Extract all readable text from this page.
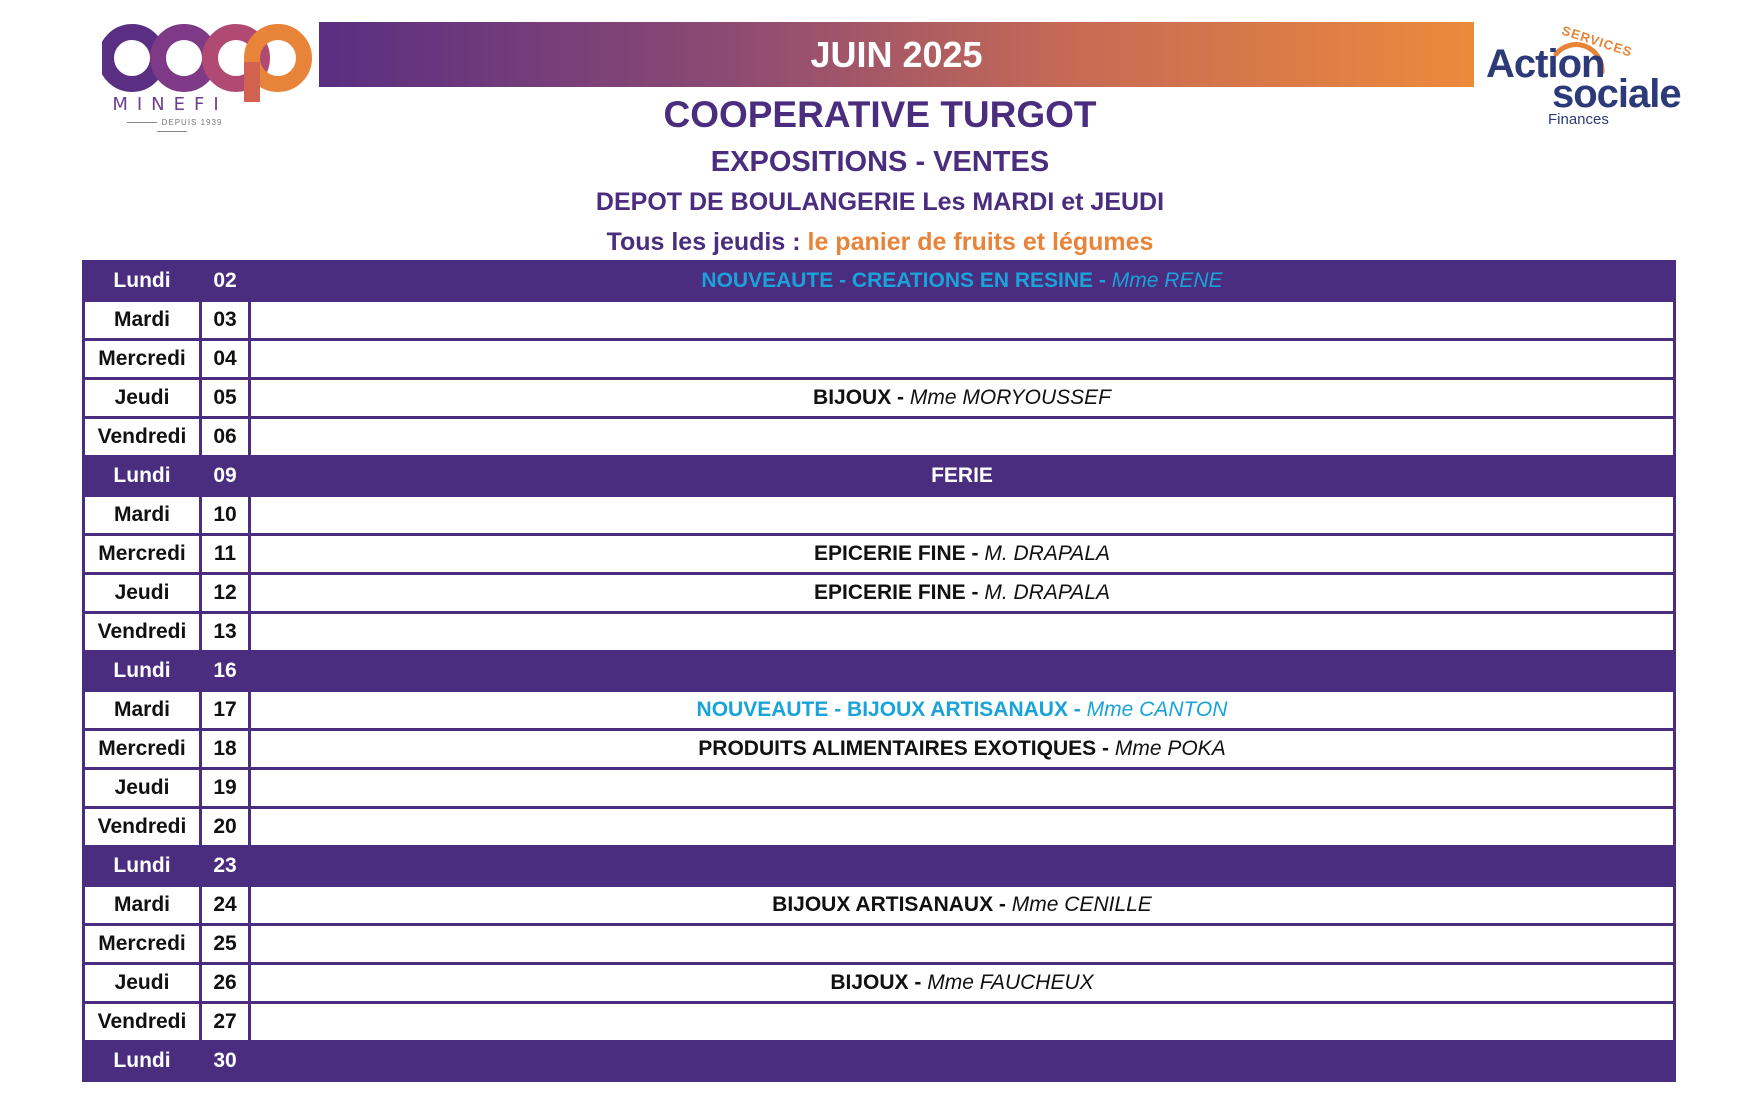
MINEFI
DEPUIS 1939
JUIN 2025	SERVICES
Action
sociale
Finances
COOPERATIVE TURGOT
EXPOSITIONS - VENTES
DEPOT DE BOULANGERIE Les MARDI et JEUDI
Tous les jeudis : le panier de fruits et légumes
Lundi	02	NOUVEAUTE - CREATIONS EN RESINE - Mme RENE
Mardi	03	
Mercredi	04	
Jeudi	05	BIJOUX - Mme MORYOUSSEF
Vendredi	06	
Lundi	09	FERIE
Mardi	10	
Mercredi	11	EPICERIE FINE - M. DRAPALA
Jeudi	12	EPICERIE FINE - M. DRAPALA
Vendredi	13	
Lundi	16	
Mardi	17	NOUVEAUTE - BIJOUX ARTISANAUX - Mme CANTON
Mercredi	18	PRODUITS ALIMENTAIRES EXOTIQUES - Mme POKA
Jeudi	19	
Vendredi	20	
Lundi	23	
Mardi	24	BIJOUX ARTISANAUX - Mme CENILLE
Mercredi	25	
Jeudi	26	BIJOUX - Mme FAUCHEUX
Vendredi	27	
Lundi	30	
